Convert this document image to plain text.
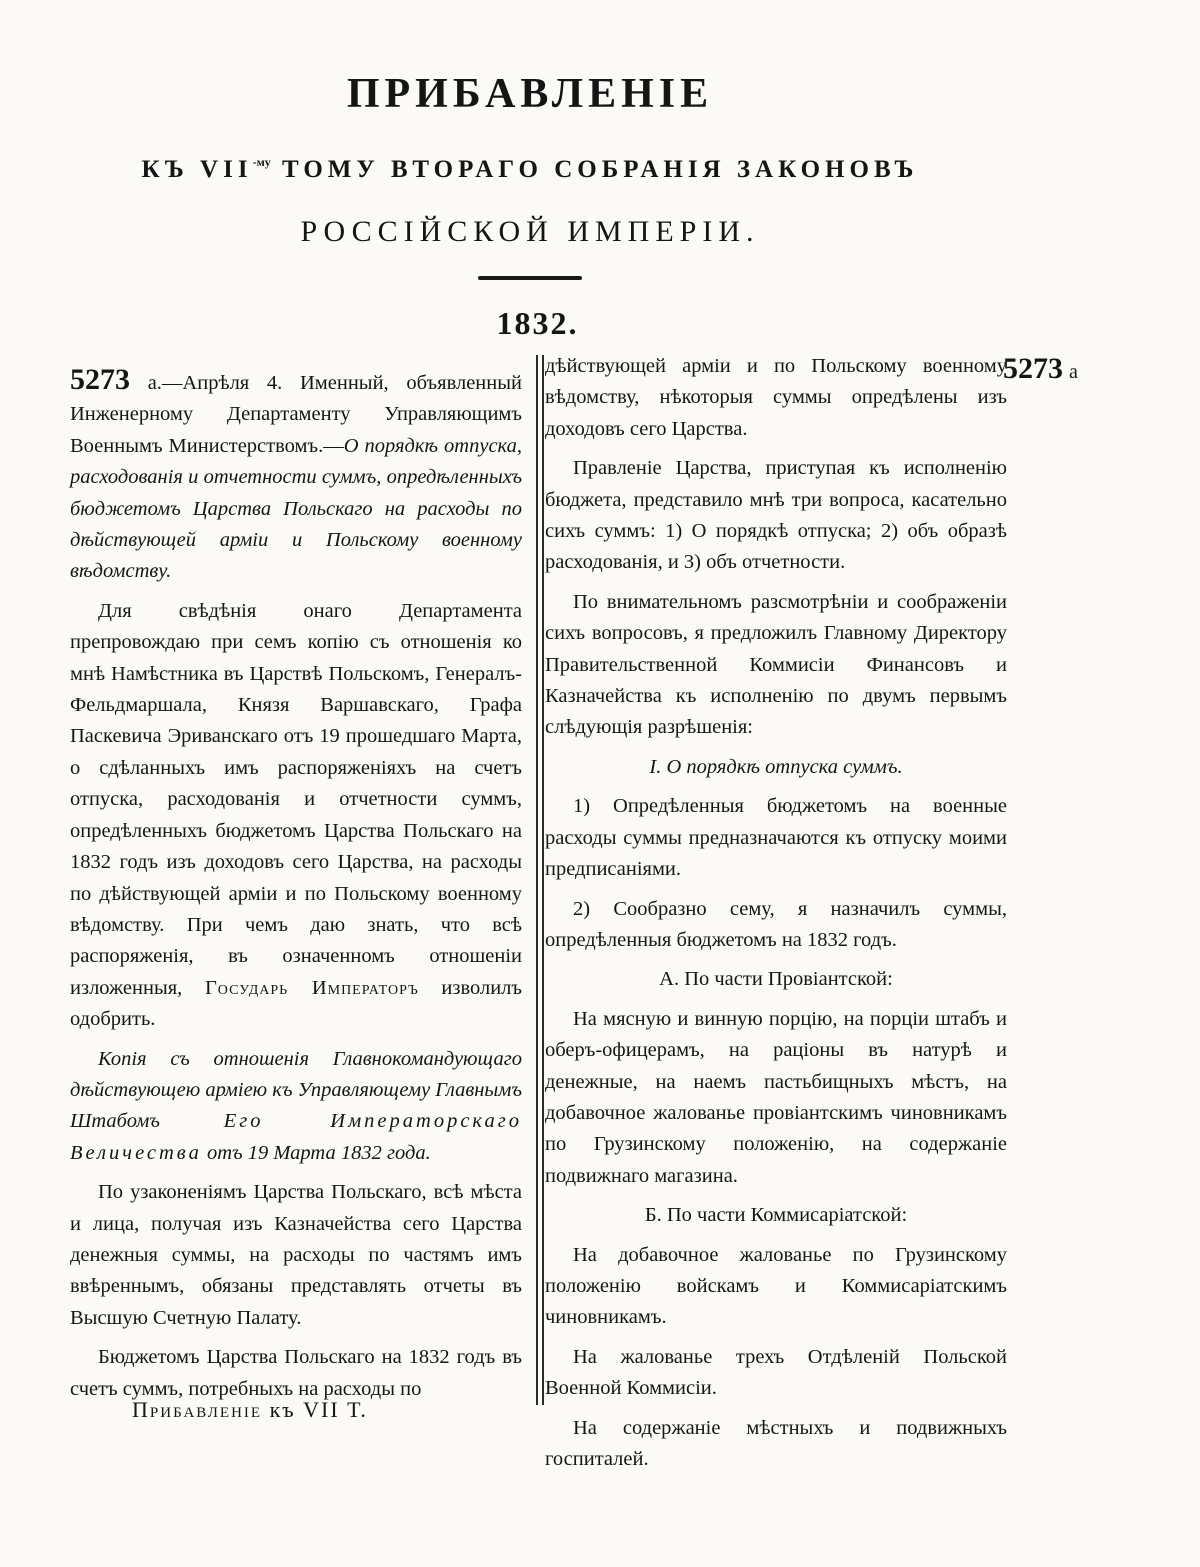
ПРИБАВЛЕНІЕ
КЪ $VII^{-му}$ ТОМУ ВТОРАГО СОБРАНІЯ ЗАКОНОВЪ
РОССІЙСКОЙ ИМПЕРІИ.
1832.

5273 а.—Апрѣля 4. Именный, объявленный Инженерному Департаменту Управляющимъ Военнымъ Министерствомъ.—О порядкѣ отпуска, расходованія и отчетности суммъ, опредѣленныхъ бюджетомъ Царства Польскаго на расходы по дѣйствующей арміи и Польскому военному вѣдомству.

Для свѣдѣнія онаго Департамента препровождаю при семъ копію съ отношенія ко мнѣ Намѣстника въ Царствѣ Польскомъ, Генералъ-Фельдмаршала, Князя Варшавскаго, Графа Паскевича Эриванскаго отъ 19 прошедшаго Марта, о сдѣланныхъ имъ распоряженіяхъ на счетъ отпуска, расходованія и отчетности суммъ, опредѣленныхъ бюджетомъ Царства Польскаго на 1832 годъ изъ доходовъ сего Царства, на расходы по дѣйствующей арміи и по Польскому военному вѣдомству. При чемъ даю знать, что всѣ распоряженія, въ означенномъ отношеніи изложенныя, Государь Императоръ изволилъ одобрить.

Копія съ отношенія Главнокомандующаго дѣйствующею арміею къ Управляющему Главнымъ Штабомъ	Его Императорскаго Величества отъ 19 Марта 1832 года.

По узаконеніямъ Царства Польскаго, всѣ мѣста и лица, получая изъ Казначейства сего Царства денежныя суммы, на расходы по частямъ имъ ввѣреннымъ, обязаны представлять отчеты въ Высшую Счетную Палату.

Бюджетомъ Царства Польскаго на 1832 годъ въ счетъ суммъ, потребныхъ на расходы по

дѣйствующей арміи и по Польскому военному вѣдомству, нѣкоторыя суммы опредѣлены изъ доходовъ сего Царства.

Правленіе Царства, приступая къ исполненію бюджета, представило мнѣ три вопроса, касательно сихъ суммъ: 1) О порядкѣ отпуска; 2) объ образѣ расходованія, и 3) объ отчетности.

По внимательномъ разсмотрѣніи и соображеніи сихъ вопросовъ, я предложилъ Главному Директору Правительственной Коммисіи Финансовъ и Казначейства къ исполненію по двумъ первымъ слѣдующія разрѣшенія:

I. О порядкѣ отпуска суммъ.

1) Опредѣленныя бюджетомъ на военные расходы суммы предназначаются къ отпуску моими предписаніями.

2) Сообразно сему, я назначилъ суммы, опредѣленныя бюджетомъ на 1832 годъ.

А. По части Провіантской:

На мясную и винную порцію, на порціи штабъ и оберъ-офицерамъ, на раціоны въ натурѣ и денежные, на наемъ пастьбищныхъ мѣстъ, на добавочное жалованье провіантскимъ чиновникамъ по Грузинскому положенію, на содержаніе подвижнаго магазина.

Б. По части Коммисаріатской:

На добавочное жалованье по Грузинскому положенію войскамъ и Коммисаріатскимъ чиновникамъ.

На жалованье трехъ Отдѣленій Польской Военной Коммисіи.

На содержаніе мѣстныхъ и подвижныхъ госпиталей.

5273 а
Прибавленіе къ VII Т.
